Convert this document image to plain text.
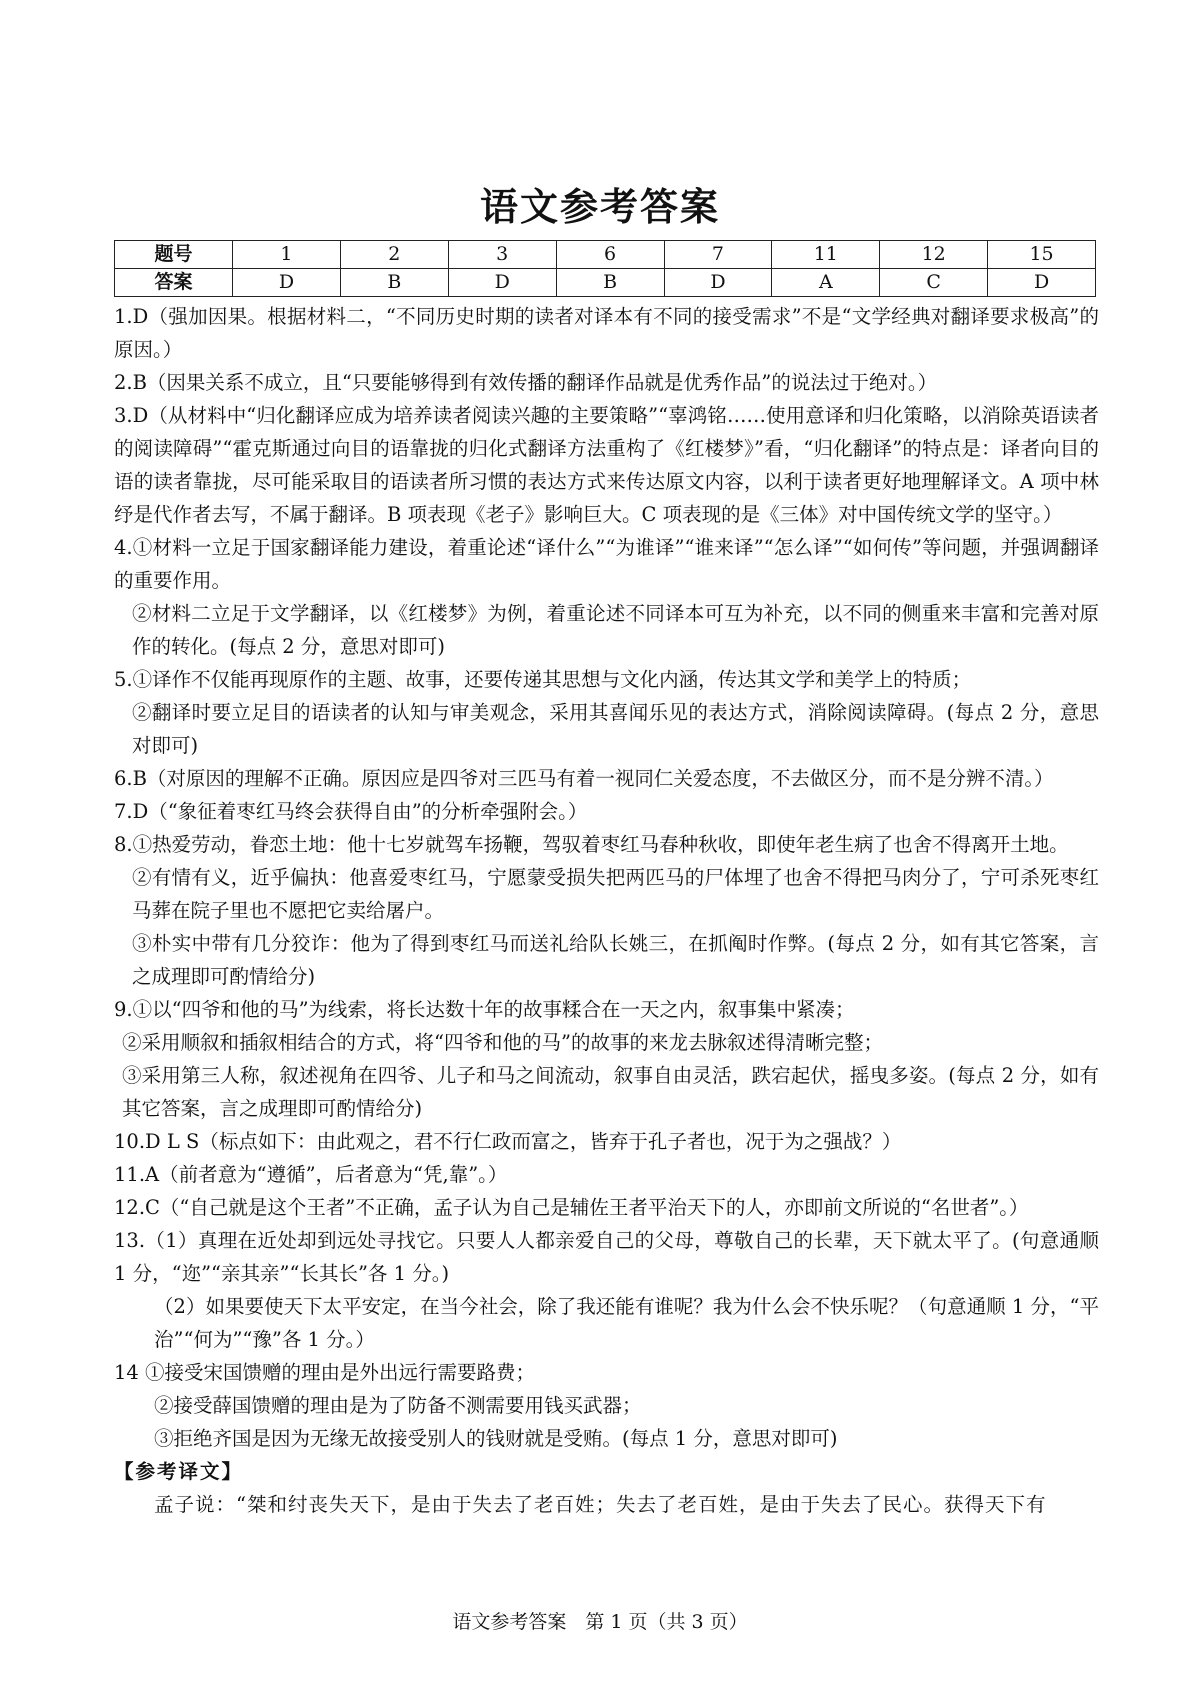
语文参考答案
题号	1	2	3	6	7	11	12	15
答案	D	B	D	B	D	A	C	D

1.D（强加因果。根据材料二，“不同历史时期的读者对译本有不同的接受需求”不是“文学经典对翻译要求极高”的原因。）

2.B（因果关系不成立，且“只要能够得到有效传播的翻译作品就是优秀作品”的说法过于绝对。）

3.D（从材料中“归化翻译应成为培养读者阅读兴趣的主要策略”“辜鸿铭……使用意译和归化策略，以消除英语读者的阅读障碍”“霍克斯通过向目的语靠拢的归化式翻译方法重构了《红楼梦》”看，“归化翻译”的特点是：译者向目的语的读者靠拢，尽可能采取目的语读者所习惯的表达方式来传达原文内容，以利于读者更好地理解译文。A 项中林纾是代作者去写，不属于翻译。B 项表现《老子》影响巨大。C 项表现的是《三体》对中国传统文学的坚守。）

4.①材料一立足于国家翻译能力建设，着重论述“译什么”“为谁译”“谁来译”“怎么译”“如何传”等问题，并强调翻译的重要作用。

②材料二立足于文学翻译，以《红楼梦》为例，着重论述不同译本可互为补充，以不同的侧重来丰富和完善对原作的转化。(每点 2 分，意思对即可)

5.①译作不仅能再现原作的主题、故事，还要传递其思想与文化内涵，传达其文学和美学上的特质；

②翻译时要立足目的语读者的认知与审美观念，采用其喜闻乐见的表达方式，消除阅读障碍。(每点 2 分，意思对即可)

6.B（对原因的理解不正确。原因应是四爷对三匹马有着一视同仁关爱态度，不去做区分，而不是分辨不清。）

7.D（“象征着枣红马终会获得自由”的分析牵强附会。）

8.①热爱劳动，眷恋土地：他十七岁就驾车扬鞭，驾驭着枣红马春种秋收，即使年老生病了也舍不得离开土地。

②有情有义，近乎偏执：他喜爱枣红马，宁愿蒙受损失把两匹马的尸体埋了也舍不得把马肉分了，宁可杀死枣红马葬在院子里也不愿把它卖给屠户。

③朴实中带有几分狡诈：他为了得到枣红马而送礼给队长姚三，在抓阄时作弊。(每点 2 分，如有其它答案，言之成理即可酌情给分)

9.①以“四爷和他的马”为线索，将长达数十年的故事糅合在一天之内，叙事集中紧凑；

②采用顺叙和插叙相结合的方式，将“四爷和他的马”的故事的来龙去脉叙述得清晰完整；

③采用第三人称，叙述视角在四爷、儿子和马之间流动，叙事自由灵活，跌宕起伏，摇曳多姿。(每点 2 分，如有其它答案，言之成理即可酌情给分)

10.D L S（标点如下：由此观之，君不行仁政而富之，皆弃于孔子者也，况于为之强战？）

11.A（前者意为“遵循”，后者意为“凭,靠”。）

12.C（“自己就是这个王者”不正确，孟子认为自己是辅佐王者平治天下的人，亦即前文所说的“名世者”。）

13.（1）真理在近处却到远处寻找它。只要人人都亲爱自己的父母，尊敬自己的长辈，天下就太平了。(句意通顺 1 分，“迩”“亲其亲”“长其长”各 1 分。)

（2）如果要使天下太平安定，在当今社会，除了我还能有谁呢？我为什么会不快乐呢？（句意通顺 1 分，“平治”“何为”“豫”各 1 分。）

14 ①接受宋国馈赠的理由是外出远行需要路费；

②接受薛国馈赠的理由是为了防备不测需要用钱买武器；

③拒绝齐国是因为无缘无故接受别人的钱财就是受贿。(每点 1 分，意思对即可)

【参考译文】

孟子说：“桀和纣丧失天下，是由于失去了老百姓；失去了老百姓，是由于失去了民心。获得天下有

语文参考答案　第 1 页（共 3 页）
